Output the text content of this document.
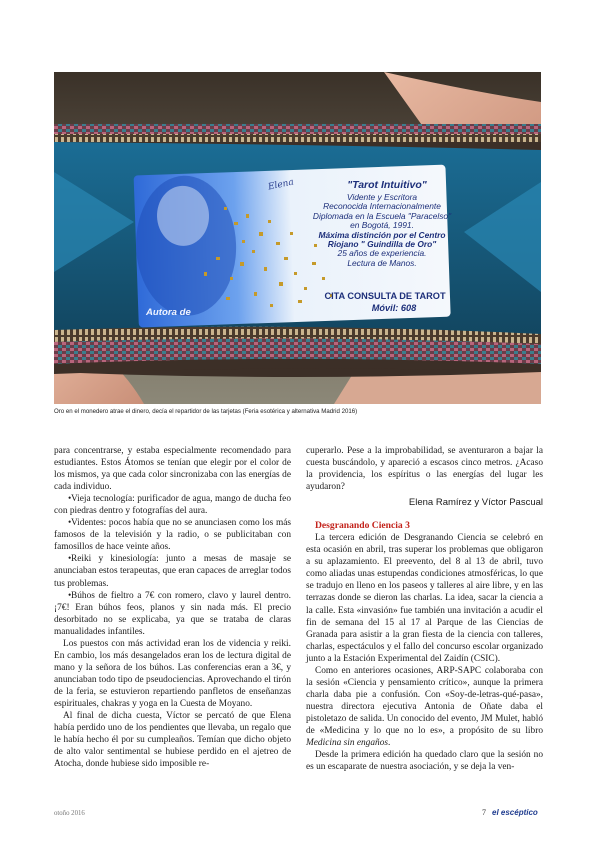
Elena	"Tarot Intuitivo"
Vidente y Escritora
Reconocida Internacionalmente
Diplomada en la Escuela "Paracelso"
en Bogotá, 1991.
Máxima distinción por el Centro
Riojano " Guindilla de Oro"
25 años de experiencia.
Lectura de Manos.
CITA CONSULTA DE TAROT
Móvil: 608
Autora de
Oro en el monedero atrae el dinero, decía el repartidor de las tarjetas (Feria esotérica y alternativa Madrid 2016)

para concentrarse, y estaba especialmente recomendado para estudiantes. Estos Átomos se tenían que elegir por el color de los mismos, ya que cada color sincronizaba con las energías de cada individuo.

•Vieja tecnología: purificador de agua, mango de ducha feo con piedras dentro y fotografías del aura.
•Videntes: pocos había que no se anunciasen como los más famosos de la televisión y la radio, o se publicitaban con famosillos de hace veinte años.
•Reiki y kinesiología: junto a mesas de masaje se anunciaban estos terapeutas, que eran capaces de arreglar todos tus problemas.
•Búhos de fieltro a 7€ con romero, clavo y laurel dentro. ¡7€! Eran búhos feos, planos y sin nada más. El precio desorbitado no se explicaba, ya que se trataba de claras manualidades infantiles.

Los puestos con más actividad eran los de videncia y reiki. En cambio, los más desangelados eran los de lectura digital de mano y la señora de los búhos. Las conferencias eran a 3€, y anunciaban todo tipo de pseudociencias. Aprovechando el tirón de la feria, se estuvieron repartiendo panfletos de enseñanzas espirituales, chakras y yoga en la Cuesta de Moyano.

Al final de dicha cuesta, Víctor se percató de que Elena había perdido uno de los pendientes que llevaba, un regalo que le había hecho él por su cumpleaños. Temían que dicho objeto de alto valor sentimental se hubiese perdido en el ajetreo de Atocha, donde hubiese sido imposible re-

cuperarlo. Pese a la improbabilidad, se aventuraron a bajar la cuesta buscándolo, y apareció a escasos cinco metros. ¿Acaso la providencia, los espíritus o las energías del lugar les ayudaron?

Elena Ramírez y Víctor Pascual
Desgranando Ciencia 3

La tercera edición de Desgranando Ciencia se celebró en esta ocasión en abril, tras superar los problemas que obligaron a su aplazamiento. El preevento, del 8 al 13 de abril, tuvo como aliadas unas estupendas condiciones atmosféricas, lo que se tradujo en lleno en los paseos y talleres al aire libre, y en las terrazas donde se dieron las charlas. La idea, sacar la ciencia a la calle. Esta «invasión» fue también una invitación a acudir el fin de semana del 15 al 17 al Parque de las Ciencias de Granada para asistir a la gran fiesta de la ciencia con talleres, charlas, espectáculos y el fallo del concurso escolar organizado junto a la Estación Experimental del Zaidín (CSIC).

Como en anteriores ocasiones, ARP-SAPC colaboraba con la sesión «Ciencia y pensamiento crítico», aunque la primera charla daba pie a confusión. Con «Soy-de-letras-qué-pasa», nuestra directora ejecutiva Antonia de Oñate daba el pistoletazo de salida. Un conocido del evento, JM Mulet, habló de «Medicina y lo que no lo es», a propósito de su libro Medicina sin engaños.

Desde la primera edición ha quedado claro que la sesión no es un escaparate de nuestra asociación, y se deja la ven-

otoño 2016	7 el escéptico
